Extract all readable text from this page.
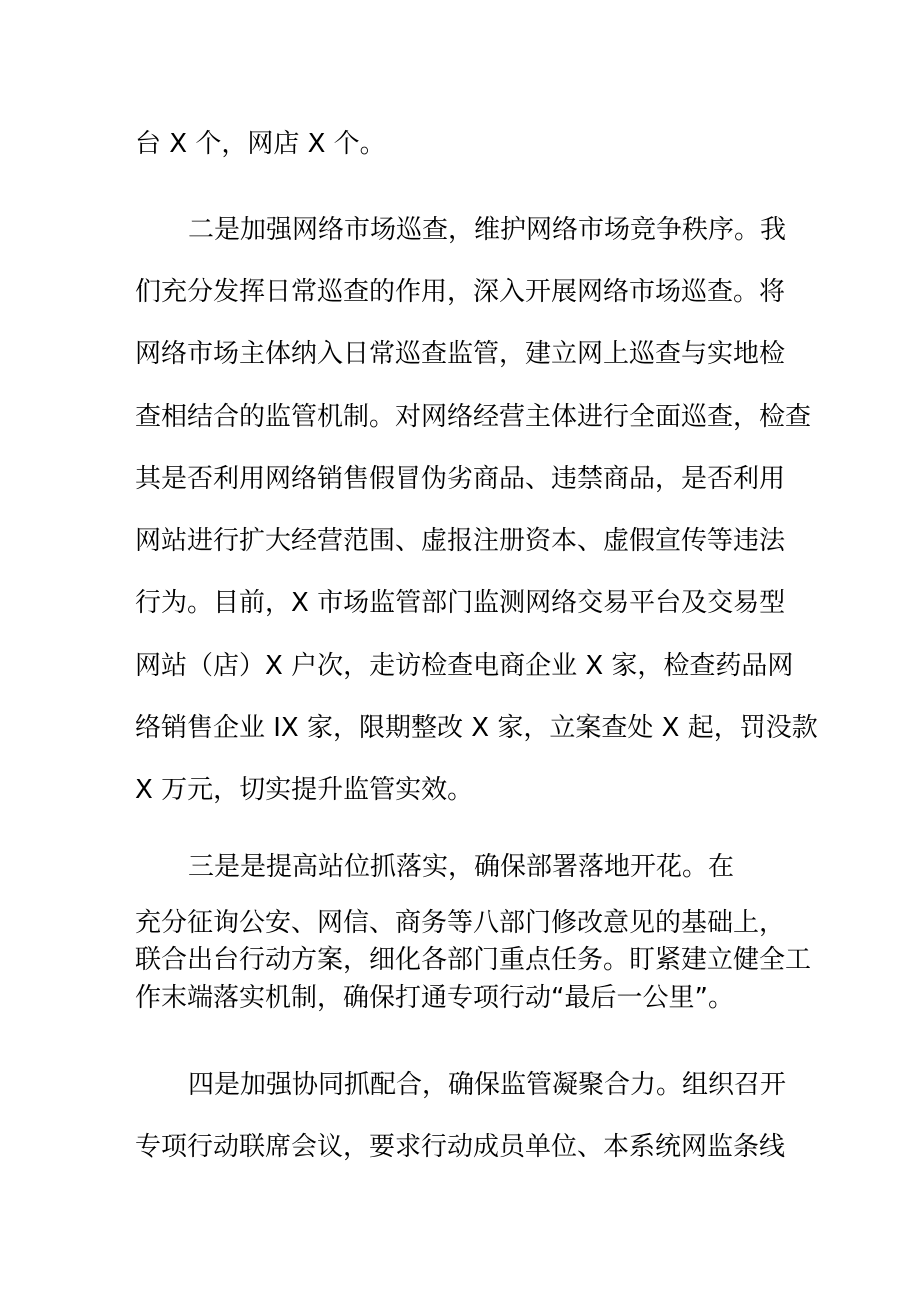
台 X 个，网店 X 个。
二是加强网络市场巡查，维护网络市场竞争秩序。我
们充分发挥日常巡查的作用，深入开展网络市场巡查。将
网络市场主体纳入日常巡查监管，建立网上巡查与实地检
查相结合的监管机制。对网络经营主体进行全面巡查，检查
其是否利用网络销售假冒伪劣商品、违禁商品，是否利用
网站进行扩大经营范围、虚报注册资本、虚假宣传等违法
行为。目前，X 市场监管部门监测网络交易平台及交易型
网站（店）X 户次，走访检查电商企业 X 家，检查药品网
络销售企业 IX 家，限期整改 X 家，立案查处 X 起，罚没款
X 万元，切实提升监管实效。
三是是提高站位抓落实，确保部署落地开花。在
充分征询公安、网信、商务等八部门修改意见的基础上，
联合出台行动方案，细化各部门重点任务。盯紧建立健全工
作末端落实机制，确保打通专项行动“最后一公里”。
四是加强协同抓配合，确保监管凝聚合力。组织召开
专项行动联席会议，要求行动成员单位、本系统网监条线
